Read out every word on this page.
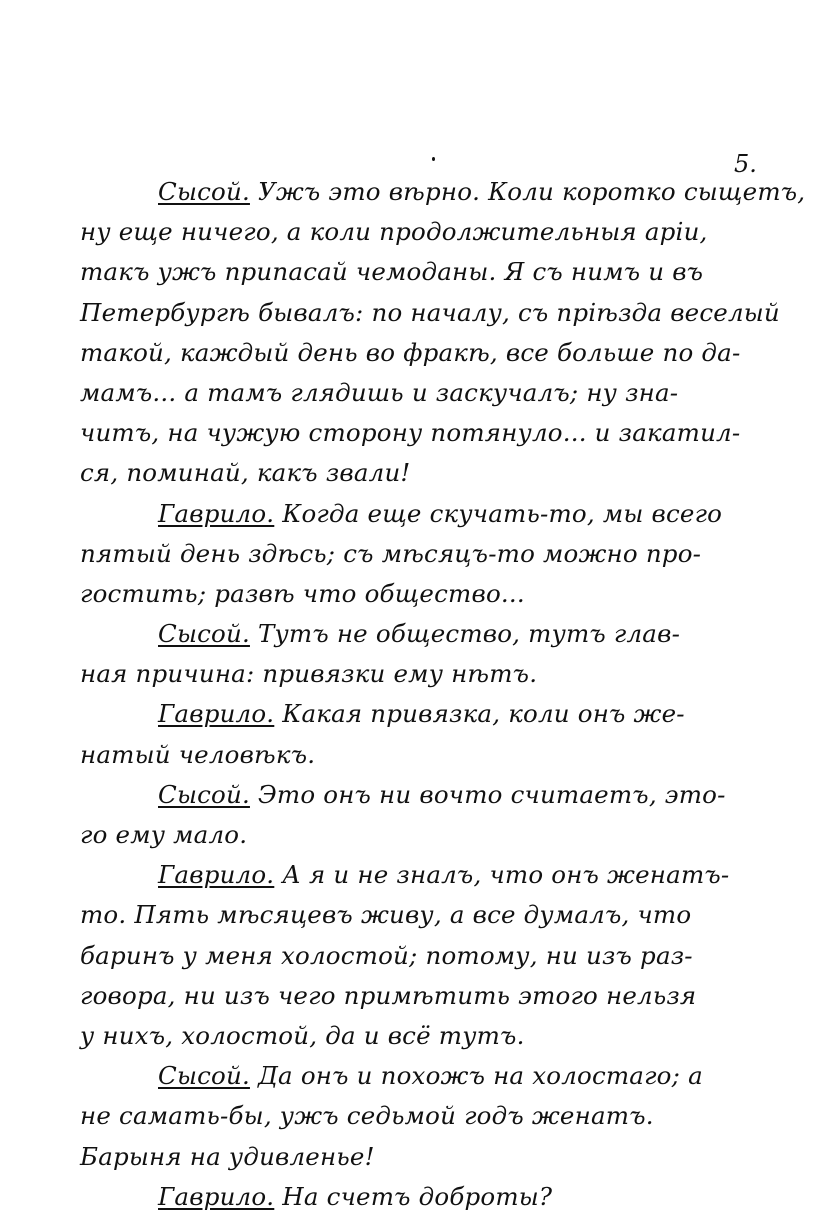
5.
Сысой. Ужъ это вѣрно. Коли коротко сыщетъ,
ну еще ничего, а коли продолжительныя аріи,
такъ ужъ припасай чемоданы. Я съ нимъ и въ
Петербургѣ бывалъ: по началу, съ пріѣзда веселый
такой, каждый день во фракѣ, все больше по да-
мамъ... а тамъ глядишь и заскучалъ; ну зна-
читъ, на чужую сторону потянуло... и закатил-
ся, поминай, какъ звали!
Гаврило. Когда еще скучать-то, мы всего
пятый день здѣсь; съ мѣсяцъ-то можно про-
гостить; развѣ что общество...
Сысой. Тутъ не общество, тутъ глав-
ная причина: привязки ему нѣтъ.
Гаврило. Какая привязка, коли онъ же-
натый человѣкъ.
Сысой. Это онъ ни вочто считаетъ, это-
го ему мало.
Гаврило. А я и не зналъ, что онъ женатъ-
то. Пять мѣсяцевъ живу, а все думалъ, что
баринъ у меня холостой; потому, ни изъ раз-
говора, ни изъ чего примѣтить этого нельзя
у нихъ, холостой, да и всё тутъ.
Сысой. Да онъ и похожъ на холостаго; а
не самать-бы, ужъ седьмой годъ женатъ.
Барыня на удивленье!
Гаврило. На счетъ доброты?
